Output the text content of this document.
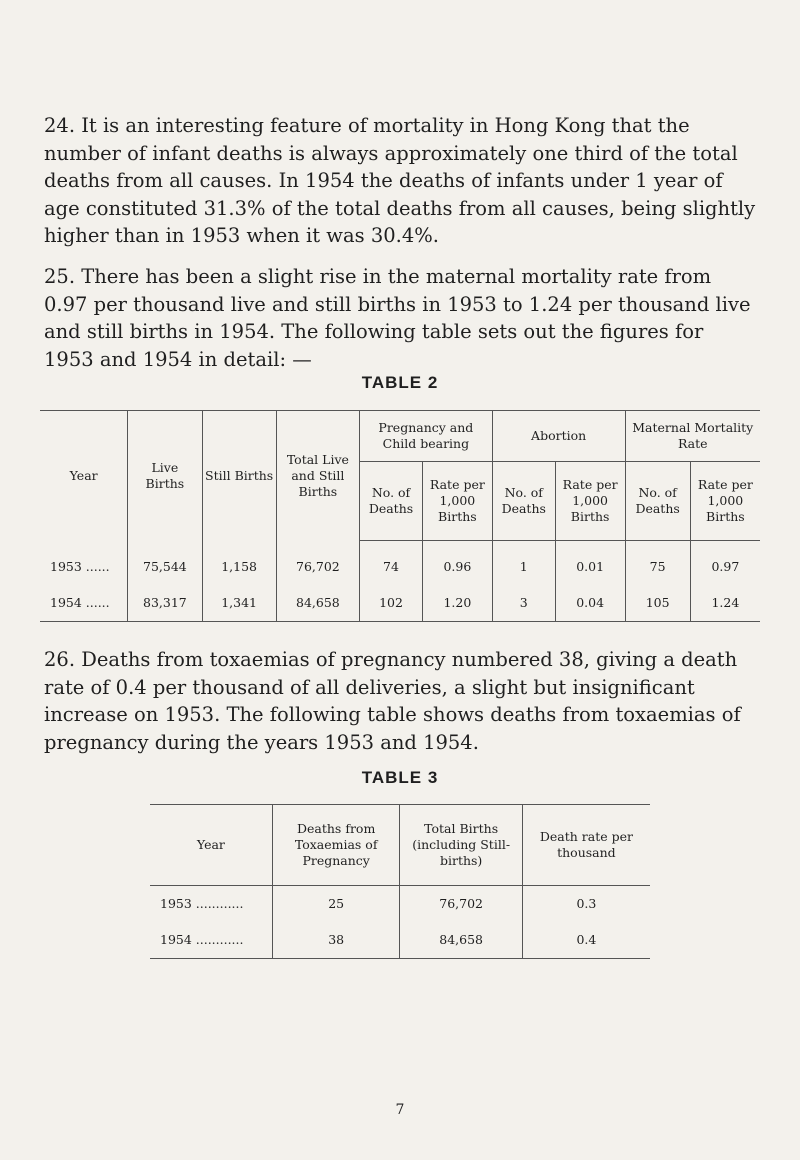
24. It is an interesting feature of mortality in Hong Kong that the number of infant deaths is always approximately one third of the total deaths from all causes. In 1954 the deaths of infants under 1 year of age constituted 31.3% of the total deaths from all causes, being slightly higher than in 1953 when it was 30.4%.

25. There has been a slight rise in the maternal mortality rate from 0.97 per thousand live and still births in 1953 to 1.24 per thousand live and still births in 1954. The following table sets out the figures for 1953 and 1954 in detail: —

TABLE 2

Year	Live Births	Still Births	Total Live and Still Births	Pregnancy and Child bearing		Abortion		Maternal Mortality Rate	
				No. of Deaths	Rate per 1,000 Births	No. of Deaths	Rate per 1,000 Births	No. of Deaths	Rate per 1,000 Births
1953 ......	75,544	1,158	76,702	74	0.96	1	0.01	75	0.97
1954 ......	83,317	1,341	84,658	102	1.20	3	0.04	105	1.24

26. Deaths from toxaemias of pregnancy numbered 38, giving a death rate of 0.4 per thousand of all deliveries, a slight but insignificant increase on 1953. The following table shows deaths from toxaemias of pregnancy during the years 1953 and 1954.

TABLE 3

Year	Deaths from Toxaemias of Pregnancy	Total Births (including Still-births)	Death rate per thousand
1953 ............	25	76,702	0.3
1954 ............	38	84,658	0.4

7
